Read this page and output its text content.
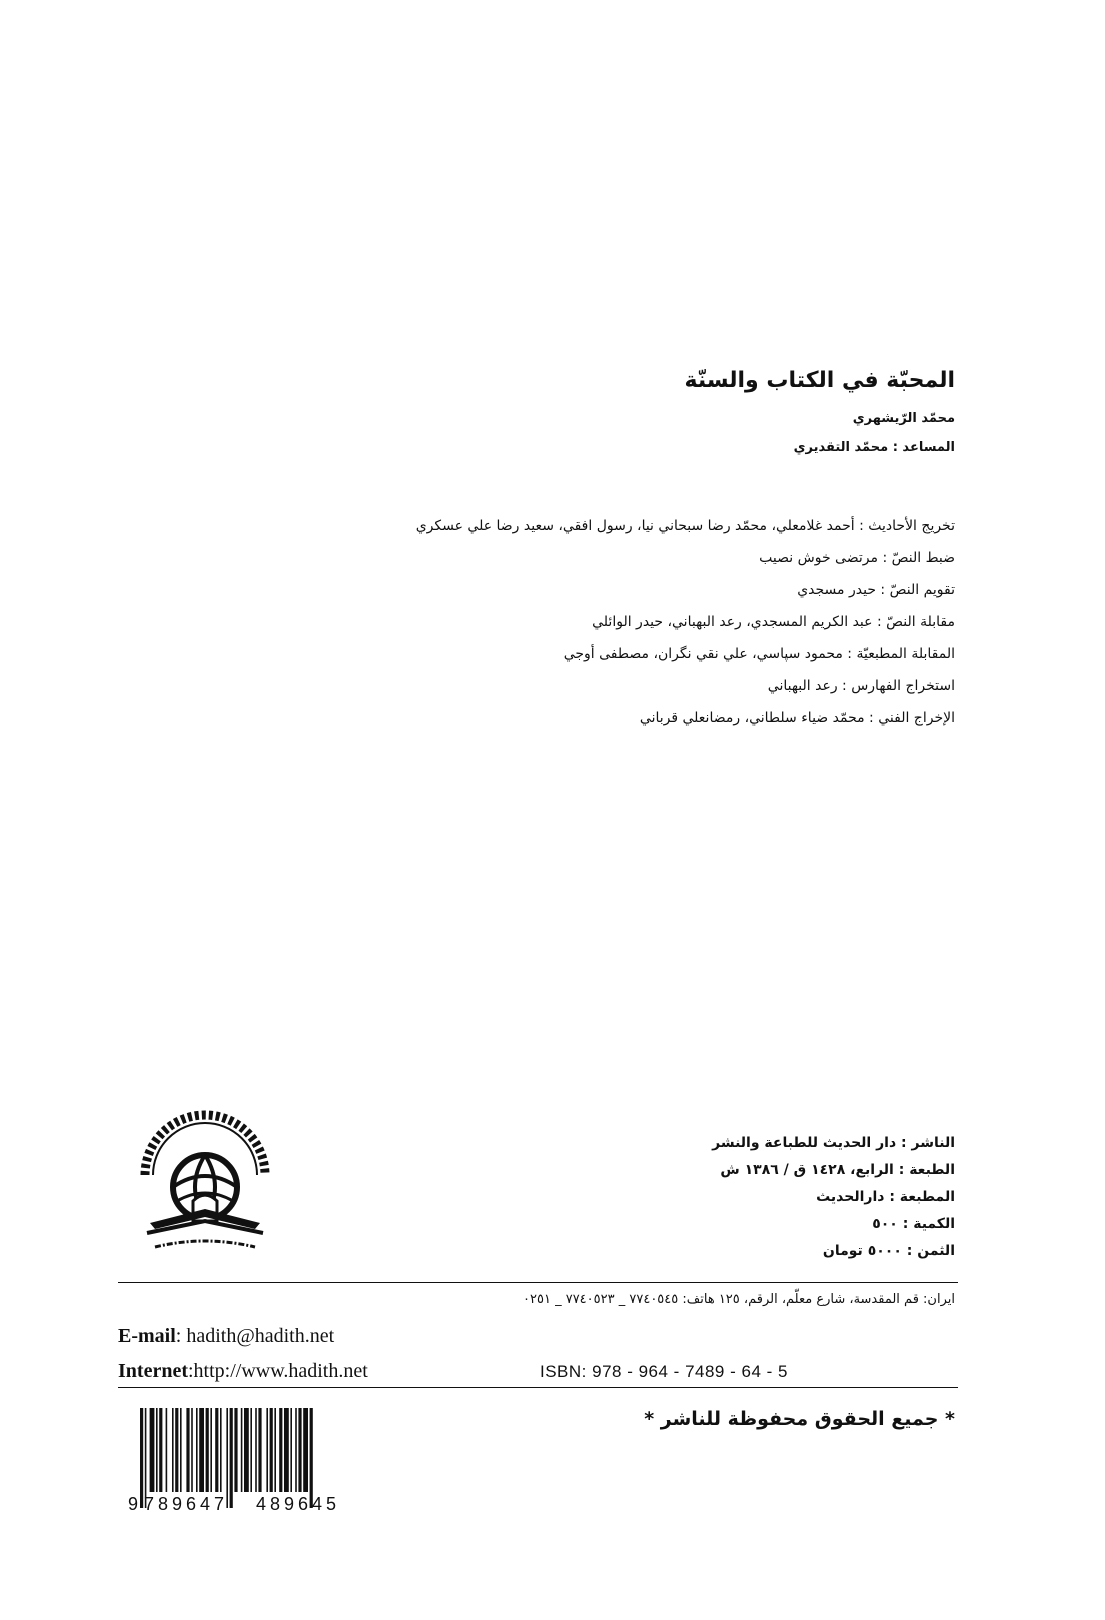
المحبّة في الكتاب والسنّة
محمّد الرّيشهري
المساعد : محمّد التقديري
تخريج الأحاديث : أحمد غلامعلي، محمّد رضا سبحاني نيا، رسول افقي، سعيد رضا علي عسكري
ضبط النصّ : مرتضى خوش نصيب
تقويم النصّ : حيدر مسجدي
مقابلة النصّ : عبد الكريم المسجدي، رعد البهباني، حيدر الوائلي
المقابلة المطبعيّة : محمود سپاسي، علي نقي نگران، مصطفى أوجي
استخراج الفهارس : رعد البهباني
الإخراج الفني : محمّد ضياء سلطاني، رمضانعلي قرباني
الناشر : دار الحديث للطباعة والنشر
الطبعة : الرابع، ١٤٢٨ ق / ١٣٨٦ ش
المطبعة : دارالحديث
الكمية : ٥٠٠
الثمن : ٥٠٠٠ تومان
ايران: قم المقدسة، شارع معلّم، الرقم، ١٢٥ هاتف: ٧٧٤٠٥٤٥ _ ٧٧٤٠٥٢٣ _ ٠٢٥١
E-mail: hadith@hadith.net
Internet:http://www.hadith.net	ISBN: 978 - 964 - 7489 - 64 - 5
* جميع الحقوق محفوظة للناشر *
9 789647 489645
